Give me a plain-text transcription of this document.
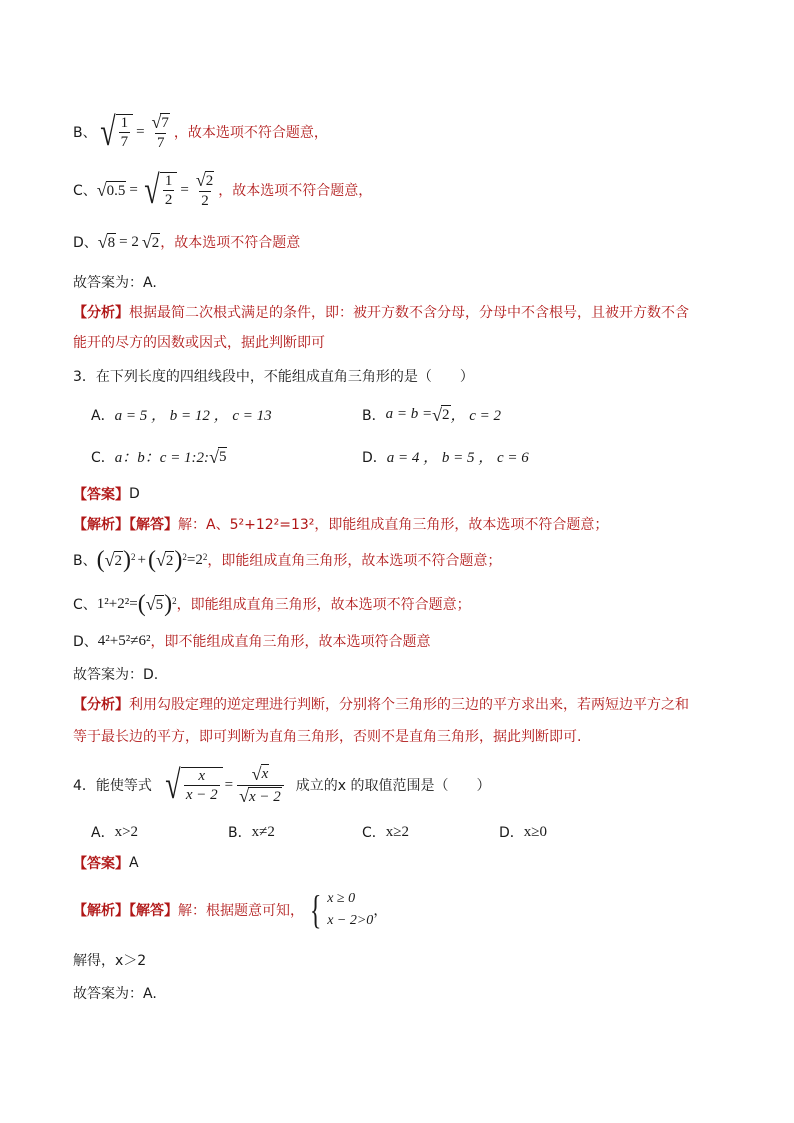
B、 √ $\frac{1}{7} = \frac{√ 7}{7}$ ，故本选项不符合题意，
C、 √ 0.5 = √ $\frac{1}{2} = \frac{√ 2}{2}$ ，故本选项不符合题意，
D、 √ 8 = 2 √ 2 ，故本选项不符合题意
故答案为：A.
【分析】 根据最简二次根式满足的条件，即：被开方数不含分母，分母中不含根号，且被开方数不含
能开的尽方的因数或因式，据此判断即可
3．在下列长度的四组线段中，不能组成直角三角形的是（　　）
A． a = 5 ， b = 12 ， c = 13	B． a = b = √ 2 ， c = 2
C． a：b：c = 1:2: √ 5	D． a = 4 ， b = 5 ， c = 6
【答案】 D
【解析】【解答】 解：A、5²+12²=13²，即能组成直角三角形，故本选项不符合题意；
B、 ( √ 2 )$^2$ + ( √ 2 )$^2 =2^2$ ，即能组成直角三角形，故本选项不符合题意；
C、 1²+2²= ( √ 5 )$^2$ ，即能组成直角三角形，故本选项不符合题意；
D、 4²+5²≠6² ，即不能组成直角三角形，故本选项符合题意
故答案为：D.
【分析】 利用勾股定理的逆定理进行判断，分别将个三角形的三边的平方求出来，若两短边平方之和
等于最长边的平方，即可判断为直角三角形，否则不是直角三角形，据此判断即可.
4．能使等式 √ $\frac{x}{x - 2} = \frac{√ x}{√ x - 2}$ 成立的x 的取值范围是（　　）
A． x>2	B． x≠2	C． x≥2	D． x≥0
【答案】 A
【解析】【解答】 解：根据题意可知， { x ≥ 0
x − 2>0
，
解得，x＞2
故答案为：A.
